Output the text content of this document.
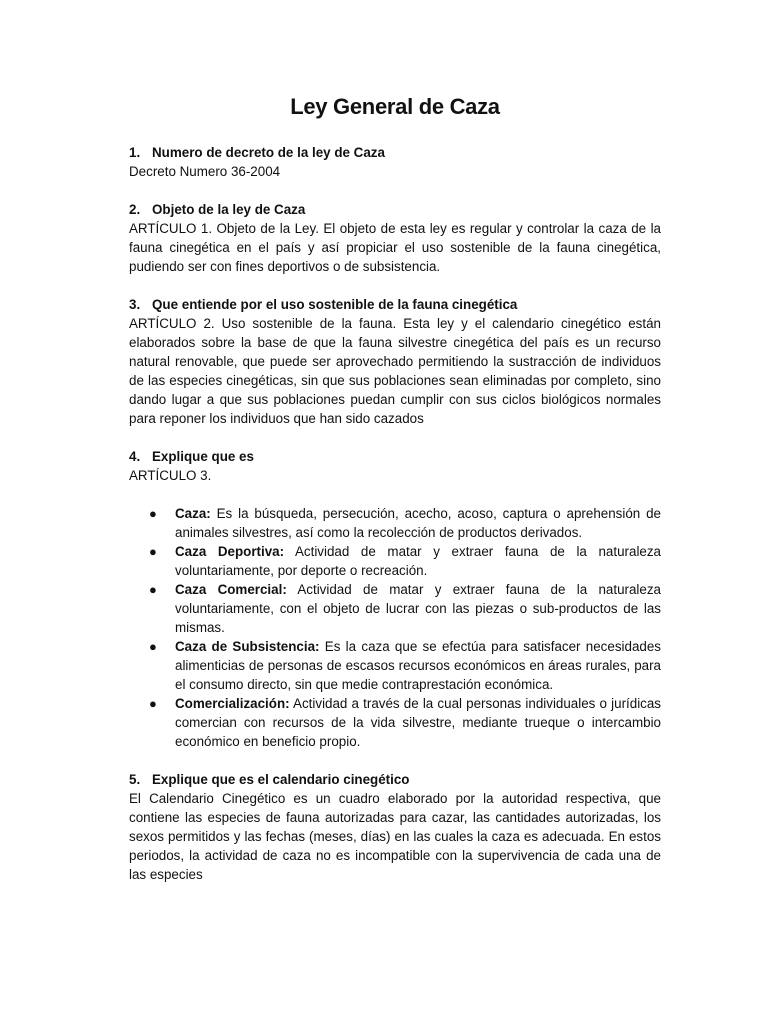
Ley General de Caza

1. Numero de decreto de la ley de Caza

Decreto Numero 36-2004

2. Objeto de la ley de Caza

ARTÍCULO 1. Objeto de la Ley. El objeto de esta ley es regular y controlar la caza de la fauna cinegética en el país y así propiciar el uso sostenible de la fauna cinegética, pudiendo ser con fines deportivos o de subsistencia.

3. Que entiende por el uso sostenible de la fauna cinegética

ARTÍCULO 2. Uso sostenible de la fauna. Esta ley y el calendario cinegético están elaborados sobre la base de que la fauna silvestre cinegética del país es un recurso natural renovable, que puede ser aprovechado permitiendo la sustracción de individuos de las especies cinegéticas, sin que sus poblaciones sean eliminadas por completo, sino dando lugar a que sus poblaciones puedan cumplir con sus ciclos biológicos normales para reponer los individuos que han sido cazados

4. Explique que es

ARTÍCULO 3.

● Caza: Es la búsqueda, persecución, acecho, acoso, captura o aprehensión de animales silvestres, así como la recolección de productos derivados.
● Caza Deportiva: Actividad de matar y extraer fauna de la naturaleza voluntariamente, por deporte o recreación.
● Caza Comercial: Actividad de matar y extraer fauna de la naturaleza voluntariamente, con el objeto de lucrar con las piezas o sub-productos de las mismas.
● Caza de Subsistencia: Es la caza que se efectúa para satisfacer necesidades alimenticias de personas de escasos recursos económicos en áreas rurales, para el consumo directo, sin que medie contraprestación económica.
● Comercialización: Actividad a través de la cual personas individuales o jurídicas comercian con recursos de la vida silvestre, mediante trueque o intercambio económico en beneficio propio.

5. Explique que es el calendario cinegético

El Calendario Cinegético es un cuadro elaborado por la autoridad respectiva, que contiene las especies de fauna autorizadas para cazar, las cantidades autorizadas, los sexos permitidos y las fechas (meses, días) en las cuales la caza es adecuada. En estos periodos, la actividad de caza no es incompatible con la supervivencia de cada una de las especies
